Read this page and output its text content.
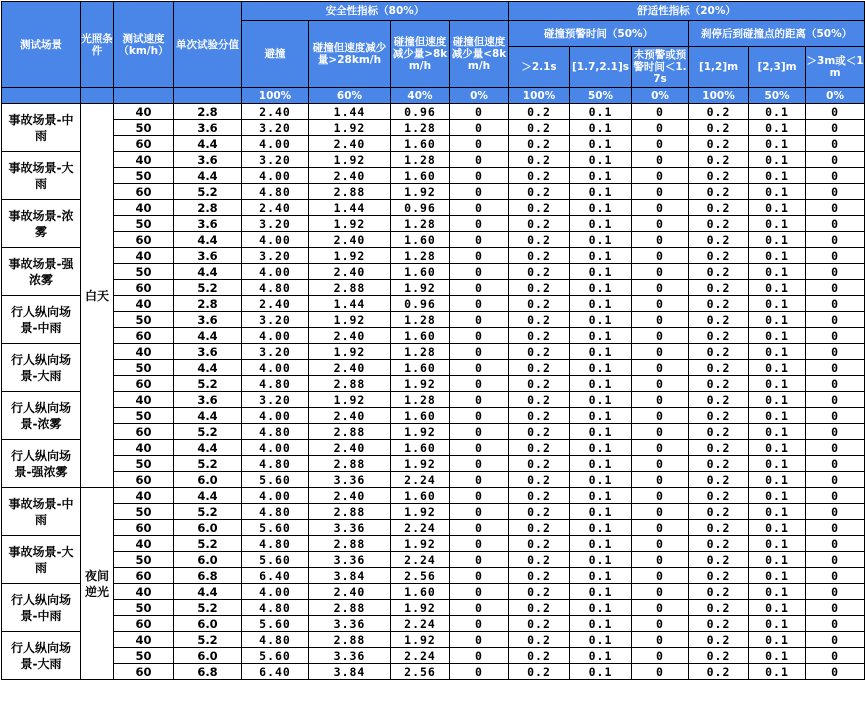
测试场景	光照条件	测试速度（km/h）	单次试验分值	安全性指标（80%）				舒适性指标（20%）					
				避撞	碰撞但速度减少量>28km/h	碰撞但速度减少量>8km/h	碰撞但速度减少量<8km/h	碰撞预警时间（50%）			刹停后到碰撞点的距离（50%）		
								＞2.1s	[1.7,2.1]s	未预警或预警时间＜1.7s	[1,2]m	[2,3]m	＞3m或＜1m
				100%	60%	40%	0%	100%	50%	0%	100%	50%	0%
事故场景-中雨	白天	40	2.8	2.40	1.44	0.96	0	0.2	0.1	0	0.2	0.1	0
		50	3.6	3.20	1.92	1.28	0	0.2	0.1	0	0.2	0.1	0
		60	4.4	4.00	2.40	1.60	0	0.2	0.1	0	0.2	0.1	0
事故场景-大雨		40	3.6	3.20	1.92	1.28	0	0.2	0.1	0	0.2	0.1	0
		50	4.4	4.00	2.40	1.60	0	0.2	0.1	0	0.2	0.1	0
		60	5.2	4.80	2.88	1.92	0	0.2	0.1	0	0.2	0.1	0
事故场景-浓雾		40	2.8	2.40	1.44	0.96	0	0.2	0.1	0	0.2	0.1	0
		50	3.6	3.20	1.92	1.28	0	0.2	0.1	0	0.2	0.1	0
		60	4.4	4.00	2.40	1.60	0	0.2	0.1	0	0.2	0.1	0
事故场景-强浓雾		40	3.6	3.20	1.92	1.28	0	0.2	0.1	0	0.2	0.1	0
		50	4.4	4.00	2.40	1.60	0	0.2	0.1	0	0.2	0.1	0
		60	5.2	4.80	2.88	1.92	0	0.2	0.1	0	0.2	0.1	0
行人纵向场景-中雨		40	2.8	2.40	1.44	0.96	0	0.2	0.1	0	0.2	0.1	0
		50	3.6	3.20	1.92	1.28	0	0.2	0.1	0	0.2	0.1	0
		60	4.4	4.00	2.40	1.60	0	0.2	0.1	0	0.2	0.1	0
行人纵向场景-大雨		40	3.6	3.20	1.92	1.28	0	0.2	0.1	0	0.2	0.1	0
		50	4.4	4.00	2.40	1.60	0	0.2	0.1	0	0.2	0.1	0
		60	5.2	4.80	2.88	1.92	0	0.2	0.1	0	0.2	0.1	0
行人纵向场景-浓雾		40	3.6	3.20	1.92	1.28	0	0.2	0.1	0	0.2	0.1	0
		50	4.4	4.00	2.40	1.60	0	0.2	0.1	0	0.2	0.1	0
		60	5.2	4.80	2.88	1.92	0	0.2	0.1	0	0.2	0.1	0
行人纵向场景-强浓雾		40	4.4	4.00	2.40	1.60	0	0.2	0.1	0	0.2	0.1	0
		50	5.2	4.80	2.88	1.92	0	0.2	0.1	0	0.2	0.1	0
		60	6.0	5.60	3.36	2.24	0	0.2	0.1	0	0.2	0.1	0
事故场景-中雨	夜间逆光	40	4.4	4.00	2.40	1.60	0	0.2	0.1	0	0.2	0.1	0
		50	5.2	4.80	2.88	1.92	0	0.2	0.1	0	0.2	0.1	0
		60	6.0	5.60	3.36	2.24	0	0.2	0.1	0	0.2	0.1	0
事故场景-大雨		40	5.2	4.80	2.88	1.92	0	0.2	0.1	0	0.2	0.1	0
		50	6.0	5.60	3.36	2.24	0	0.2	0.1	0	0.2	0.1	0
		60	6.8	6.40	3.84	2.56	0	0.2	0.1	0	0.2	0.1	0
行人纵向场景-中雨		40	4.4	4.00	2.40	1.60	0	0.2	0.1	0	0.2	0.1	0
		50	5.2	4.80	2.88	1.92	0	0.2	0.1	0	0.2	0.1	0
		60	6.0	5.60	3.36	2.24	0	0.2	0.1	0	0.2	0.1	0
行人纵向场景-大雨		40	5.2	4.80	2.88	1.92	0	0.2	0.1	0	0.2	0.1	0
		50	6.0	5.60	3.36	2.24	0	0.2	0.1	0	0.2	0.1	0
		60	6.8	6.40	3.84	2.56	0	0.2	0.1	0	0.2	0.1	0
